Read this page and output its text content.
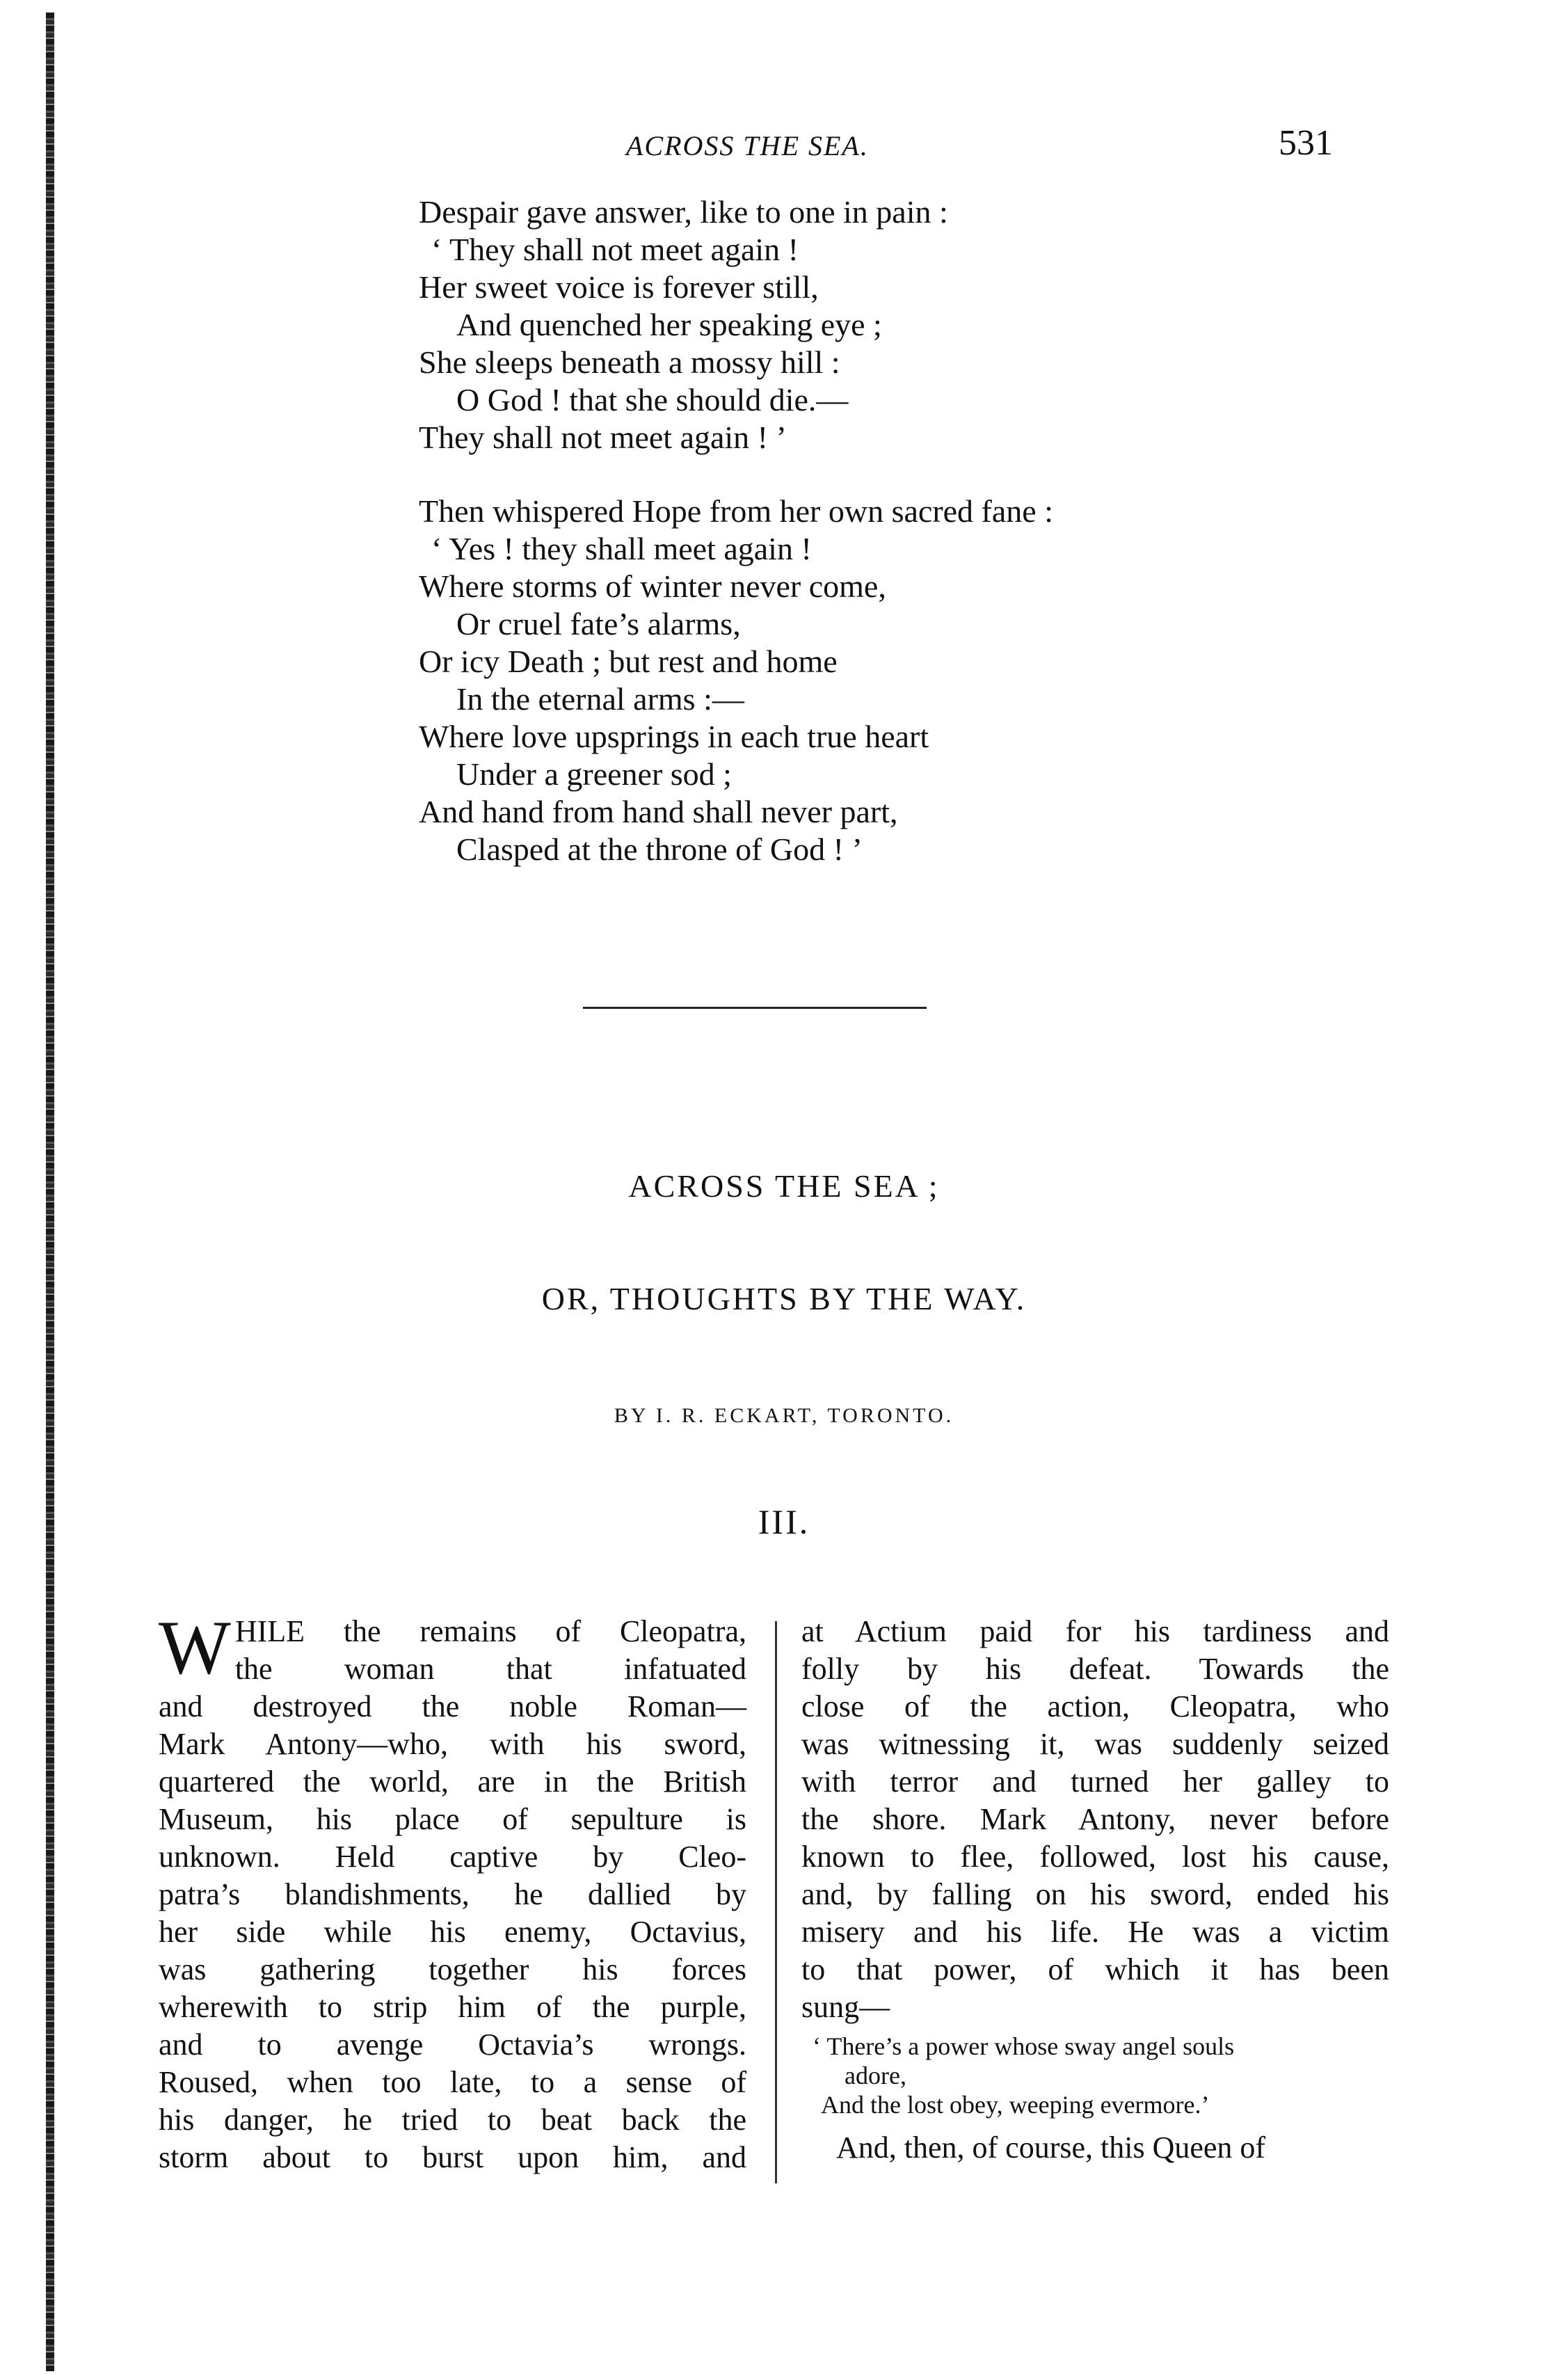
ACROSS THE SEA.	531
Despair gave answer, like to one in pain :
‘ They shall not meet again !
Her sweet voice is forever still,
And quenched her speaking eye ;
She sleeps beneath a mossy hill :
O God ! that she should die.—
They shall not meet again ! ’
Then whispered Hope from her own sacred fane :
‘ Yes ! they shall meet again !
Where storms of winter never come,
Or cruel fate’s alarms,
Or icy Death ; but rest and home
In the eternal arms :—
Where love upsprings in each true heart
Under a greener sod ;
And hand from hand shall never part,
Clasped at the throne of God ! ’
ACROSS THE SEA ;
OR, THOUGHTS BY THE WAY.
BY I. R. ECKART, TORONTO.
III.
W HILE the remains of Cleopatra,
the woman that infatuated
and destroyed the noble Roman—
Mark Antony—who, with his sword,
quartered the world, are in the British
Museum, his place of sepulture is
unknown. Held captive by Cleo-
patra’s blandishments, he dallied by
her side while his enemy, Octavius,
was gathering together his forces
wherewith to strip him of the purple,
and to avenge Octavia’s wrongs.
Roused, when too late, to a sense of
his danger, he tried to beat back the
storm about to burst upon him, and
at Actium paid for his tardiness and
folly by his defeat. Towards the
close of the action, Cleopatra, who
was witnessing it, was suddenly seized
with terror and turned her galley to
the shore. Mark Antony, never before
known to flee, followed, lost his cause,
and, by falling on his sword, ended his
misery and his life. He was a victim
to that power, of which it has been
sung—
‘ There’s a power whose sway angel souls
adore,
And the lost obey, weeping evermore.’
And, then, of course, this Queen of
